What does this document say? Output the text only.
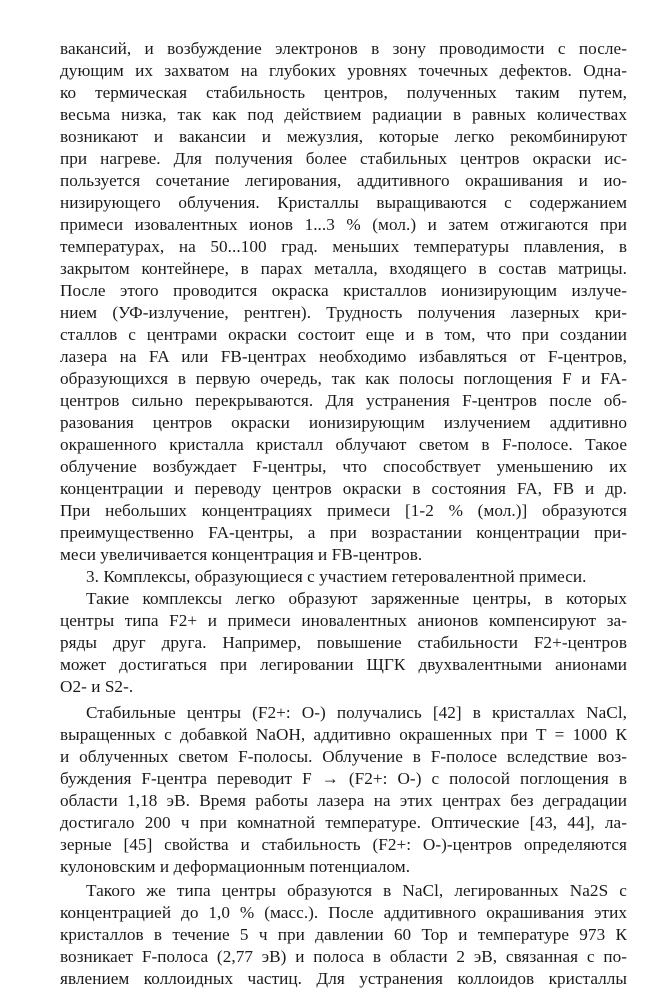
вакансий, и возбуждение электронов в зону проводимости с после-
дующим их захватом на глубоких уровнях точечных дефектов. Одна-
ко термическая стабильность центров, полученных таким путем,
весьма низка, так как под действием радиации в равных количествах
возникают и вакансии и межузлия, которые легко рекомбинируют
при нагреве. Для получения более стабильных центров окраски ис-
пользуется сочетание легирования, аддитивного окрашивания и ио-
низирующего облучения. Кристаллы выращиваются с содержанием
примеси изовалентных ионов 1...3 % (мол.) и затем отжигаются при
температурах, на 50...100 град. меньших температуры плавления, в
закрытом контейнере, в парах металла, входящего в состав матрицы.
После этого проводится окраска кристаллов ионизирующим излуче-
нием (УФ-излучение, рентген). Трудность получения лазерных кри-
сталлов с центрами окраски состоит еще и в том, что при создании
лазера на FA или FB-центрах необходимо избавляться от F-центров,
образующихся в первую очередь, так как полосы поглощения F и FA-
центров сильно перекрываются. Для устранения F-центров после об-
разования центров окраски ионизирующим излучением аддитивно
окрашенного кристалла кристалл облучают светом в F-полосе. Такое
облучение возбуждает F-центры, что способствует уменьшению их
концентрации и переводу центров окраски в состояния FA, FB и др.
При небольших концентрациях примеси [1-2 % (мол.)] образуются
преимущественно FA-центры, а при возрастании концентрации при-
меси увеличивается концентрация и FB-центров.
3. Комплексы, образующиеся с участием гетеровалентной примеси.
Такие комплексы легко образуют заряженные центры, в которых
центры типа F2+ и примеси иновалентных анионов компенсируют за-
ряды друг друга. Например, повышение стабильности F2+-центров
может достигаться при легировании ЩГК двухвалентными анионами
O2- и S2-.
Стабильные центры (F2+: O-) получались [42] в кристаллах NaCl,
выращенных с добавкой NaOH, аддитивно окрашенных при T = 1000 К
и облученных светом F-полосы. Облучение в F-полосе вследствие воз-
буждения F-центра переводит F → (F2+: O-) с полосой поглощения в
области 1,18 эВ. Время работы лазера на этих центрах без деградации
достигало 200 ч при комнатной температуре. Оптические [43, 44], ла-
зерные [45] свойства и стабильность (F2+: O-)-центров определяются
кулоновским и деформационным потенциалом.
Такого же типа центры образуются в NaCl, легированных Na2S с
концентрацией до 1,0 % (масс.). После аддитивного окрашивания этих
кристаллов в течение 5 ч при давлении 60 Тор и температуре 973 К
возникает F-полоса (2,77 эВ) и полоса в области 2 эВ, связанная с по-
явлением коллоидных частиц. Для устранения коллоидов кристаллы
